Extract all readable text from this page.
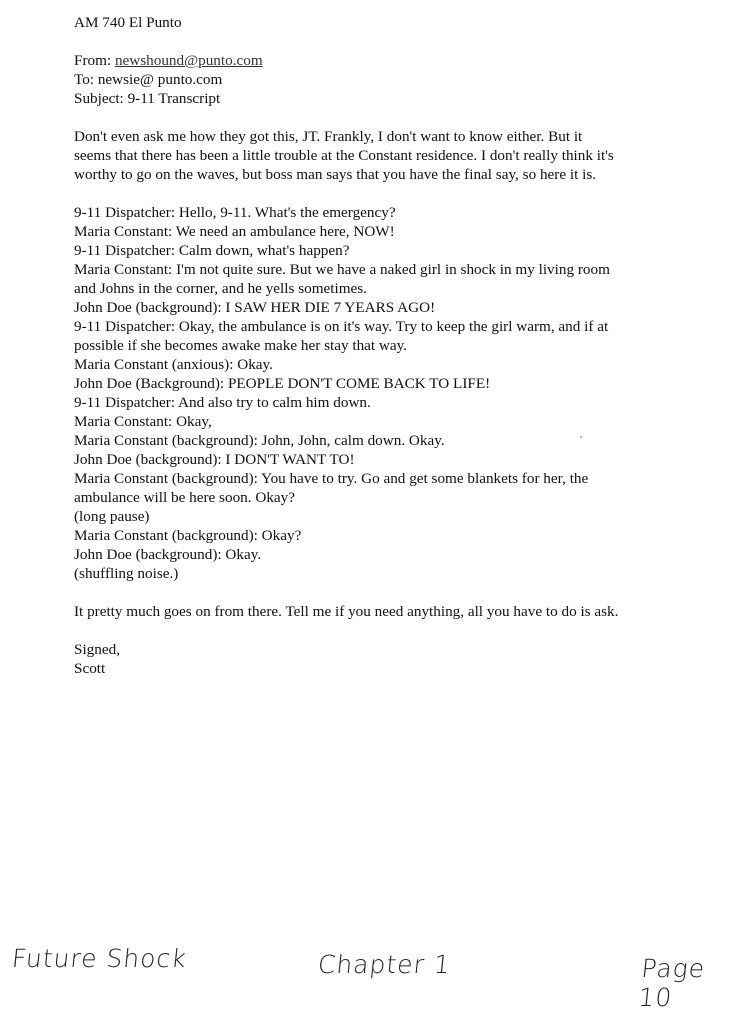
AM 740 El Punto
From: newshound@punto.com
To: newsie@ punto.com
Subject: 9-11 Transcript
Don't even ask me how they got this, JT. Frankly, I don't want to know either. But it
seems that there has been a little trouble at the Constant residence. I don't really think it's
worthy to go on the waves, but boss man says that you have the final say, so here it is.
9-11 Dispatcher: Hello, 9-11. What's the emergency?
Maria Constant: We need an ambulance here, NOW!
9-11 Dispatcher: Calm down, what's happen?
Maria Constant: I'm not quite sure. But we have a naked girl in shock in my living room
and Johns in the corner, and he yells sometimes.
John Doe (background): I SAW HER DIE 7 YEARS AGO!
9-11 Dispatcher: Okay, the ambulance is on it's way. Try to keep the girl warm, and if at
possible if she becomes awake make her stay that way.
Maria Constant (anxious): Okay.
John Doe (Background): PEOPLE DON'T COME BACK TO LIFE!
9-11 Dispatcher: And also try to calm him down.
Maria Constant: Okay,
Maria Constant (background): John, John, calm down. Okay.
John Doe (background): I DON'T WANT TO!
Maria Constant (background): You have to try. Go and get some blankets for her, the
ambulance will be here soon. Okay?
(long pause)
Maria Constant (background): Okay?
John Doe (background): Okay.
(shuffling noise.)
It pretty much goes on from there. Tell me if you need anything, all you have to do is ask.
Signed,
Scott
Future Shock	Chapter 1	Page 10
